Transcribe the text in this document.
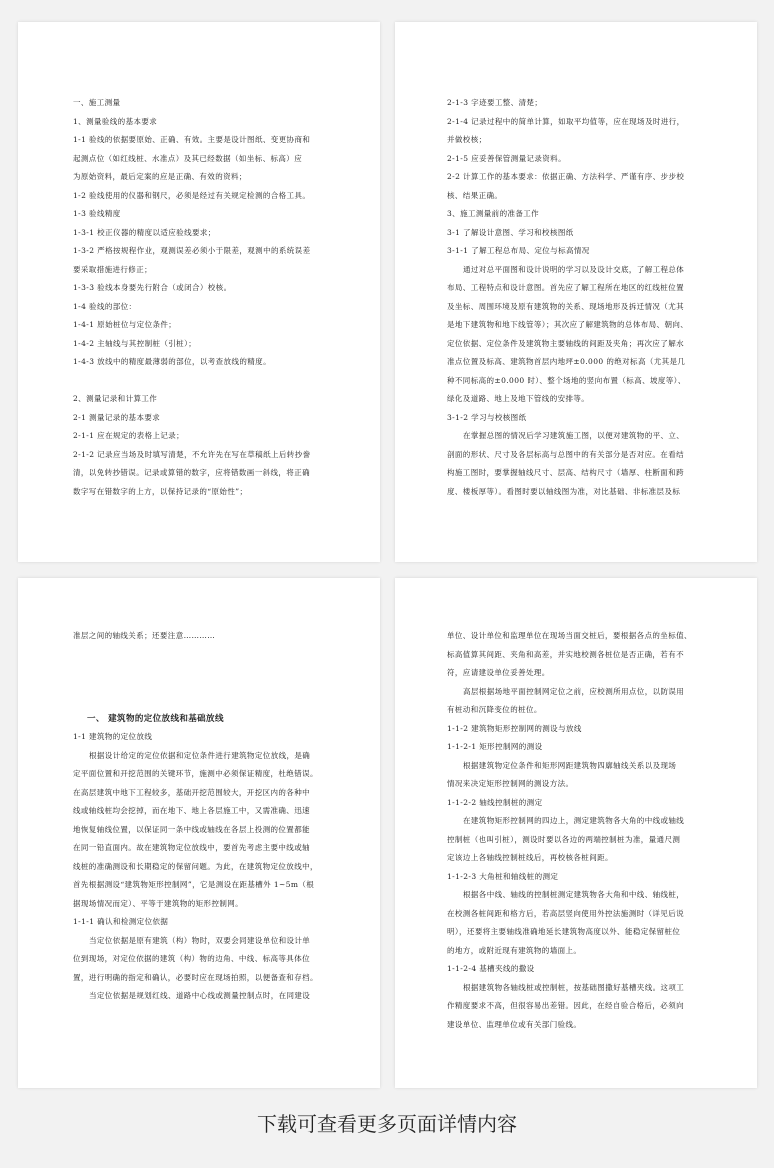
一、施工测量
1、测量验线的基本要求
1-1 验线的依据要原始、正确、有效。主要是设计图纸、变更协商和
起测点位（如红线桩、水准点）及其已经数据（如坐标、标高）应
为原始资料，最后定案的应是正确、有效的资料；
1-2 验线使用的仪器和钢尺，必须是经过有关规定检测的合格工具。
1-3 验线精度
1-3-1 校正仪器的精度以适应验线要求；
1-3-2 严格按规程作业，观测误差必须小于限差，观测中的系统误差
要采取措施进行修正；
1-3-3 验线本身要先行附合（或闭合）校核。
1-4 验线的部位：
1-4-1 原始桩位与定位条件；
1-4-2 主轴线与其控制桩（引桩）；
1-4-3 放线中的精度最薄弱的部位，以考查放线的精度。
2、测量记录和计算工作
2-1 测量记录的基本要求
2-1-1 应在规定的表格上记录；
2-1-2 记录应当场及时填写清楚，不允许先在写在草稿纸上后转抄誊
清，以免转抄错误。记录或算错的数字，应将错数画一斜线，将正确
数字写在错数字的上方，以保持记录的“原始性”；
2-1-3 字迹要工整、清楚；
2-1-4 记录过程中的简单计算，如取平均值等，应在现场及时进行，
并做校核；
2-1-5 应妥善保管测量记录资料。
2-2 计算工作的基本要求：依据正确、方法科学、严谨有序、步步校
核、结果正确。
3、施工测量前的准备工作
3-1 了解设计意图、学习和校核图纸
3-1-1 了解工程总布局、定位与标高情况
通过对总平面图和设计说明的学习以及设计交底，了解工程总体
布局、工程特点和设计意图。首先应了解工程所在地区的红线桩位置
及坐标、周围环境及原有建筑物的关系、现场地形及拆迁情况（尤其
是地下建筑物和地下线管等）；其次应了解建筑物的总体布局、朝向、
定位依据、定位条件及建筑物主要轴线的间距及夹角；再次应了解水
准点位置及标高、建筑物首层内地坪±0.000 的绝对标高（尤其是几
种不同标高的±0.000 时）、整个场地的竖向布置（标高、坡度等）、
绿化及道路、地上及地下管线的安排等。
3-1-2 学习与校核图纸
在掌握总图的情况后学习建筑施工图，以便对建筑物的平、立、
剖面的形状、尺寸及各层标高与总图中的有关部分是否对应。在看结
构施工图时，要掌握轴线尺寸、层高、结构尺寸（墙厚、柱断面和跨
度、楼板厚等）。看图时要以轴线图为准，对比基础、非标准层及标
准层之间的轴线关系；还要注意…………
一、 建筑物的定位放线和基础放线
1-1 建筑物的定位放线
根据设计给定的定位依据和定位条件进行建筑物定位放线，是确
定平面位置和开挖范围的关键环节，施测中必须保证精度，杜绝错误。
在高层建筑中地下工程较多，基础开挖范围较大，开挖区内的各种中
线或轴线桩均会挖掉，而在地下、地上各层施工中，又需准确、迅速
地恢复轴线位置，以保证同一条中线或轴线在各层上投测的位置都能
在同一铅直面内。故在建筑物定位放线中，要首先考虑主要中线或轴
线桩的准确测设和长期稳定的保留问题。为此，在建筑物定位放线中，
首先根据测设“建筑物矩形控制网”，它是测设在距基槽外 1~5m（根
据现场情况而定）、平等于建筑物的矩形控制网。
1-1-1 确认和检测定位依据
当定位依据是原有建筑（构）物时，双要会同建设单位和设计单
位到现场，对定位依据的建筑（构）物的边角、中线、标高等具体位
置，进行明确的指定和确认，必要时应在现场拍照，以便备查和存档。
当定位依据是规划红线、道路中心线或测量控制点时，在同建设
单位、设计单位和监理单位在现场当面交桩后，要根据各点的坐标值、
标高值算其间距、夹角和高差，并实地校测各桩位是否正确，若有不
符，应请建设单位妥善处理。
高层根据场地平面控制网定位之前，应校测所用点位，以防误用
有桩动和沉降变位的桩位。
1-1-2 建筑物矩形控制网的测设与放线
1-1-2-1 矩形控制网的测设
根据建筑物定位条件和矩形网距建筑物四廓轴线关系以及现场
情况来决定矩形控制网的测设方法。
1-1-2-2 轴线控制桩的测定
在建筑物矩形控制网的四边上，测定建筑物各大角的中线或轴线
控制桩（也叫引桩），测设时要以各边的两端控制桩为准，量通尺测
定该边上各轴线控制桩线后，再校核各桩间距。
1-1-2-3 大角桩和轴线桩的测定
根据各中线、轴线的控制桩测定建筑物各大角和中线、轴线桩，
在校测各桩间距和格方后，若高层竖向使用外控法施测时（详见后说
明），还要将主要轴线准确地延长建筑物高度以外、能稳定保留桩位
的地方，或附近现有建筑物的墙面上。
1-1-2-4 基槽夹线的撒设
根据建筑物各轴线桩或控制桩，按基础图撒好基槽夹线。这项工
作精度要求不高，但很容易出差错。因此，在经自验合格后，必须向
建设单位、监理单位或有关部门验线。
下载可查看更多页面详情内容
